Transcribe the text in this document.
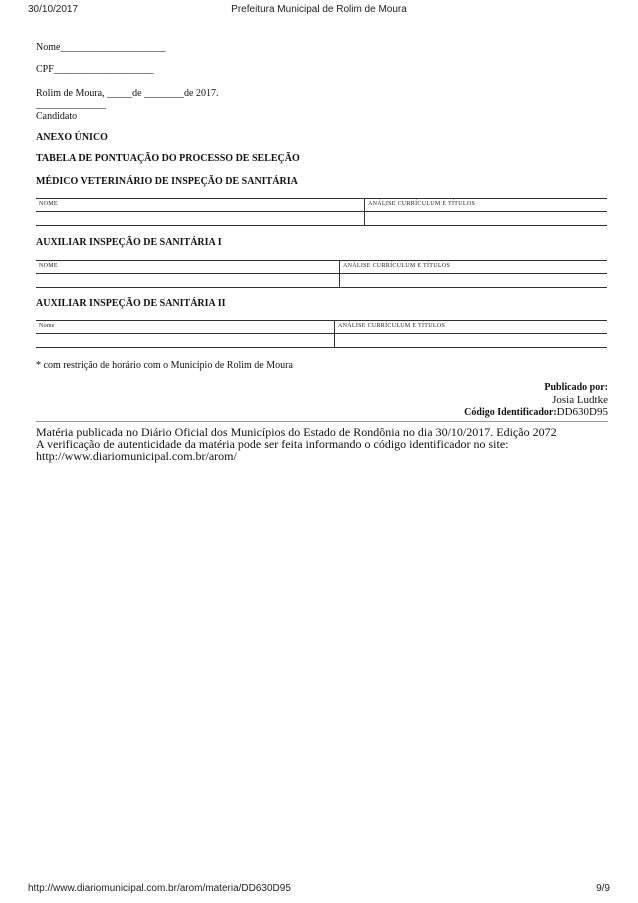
30/10/2017	Prefeitura Municipal de Rolim de Moura
Nome_____________________
CPF____________________
Rolim de Moura, _____de ________de 2017.
______________
Candidato
ANEXO ÚNICO
TABELA DE PONTUAÇÃO DO PROCESSO DE SELEÇÃO
MÉDICO VETERINÁRIO DE INSPEÇÃO DE SANITÁRIA
NOME	ANÁLISE CURRÍCULUM E TÍTULOS
AUXILIAR INSPEÇÃO DE SANITÁRIA I
NOME	ANÁLISE CURRÍCULUM E TÍTULOS
AUXILIAR INSPEÇÃO DE SANITÁRIA II
Nome	ANÁLISE CURRÍCULUM E TÍTULOS
* com restrição de horário com o Município de Rolim de Moura
Publicado por:
Josia Ludtke
Código Identificador:DD630D95
Matéria publicada no Diário Oficial dos Municípios do Estado de Rondônia no dia 30/10/2017. Edição 2072
A verificação de autenticidade da matéria pode ser feita informando o código identificador no site:
http://www.diariomunicipal.com.br/arom/
http://www.diariomunicipal.com.br/arom/materia/DD630D95	9/9
